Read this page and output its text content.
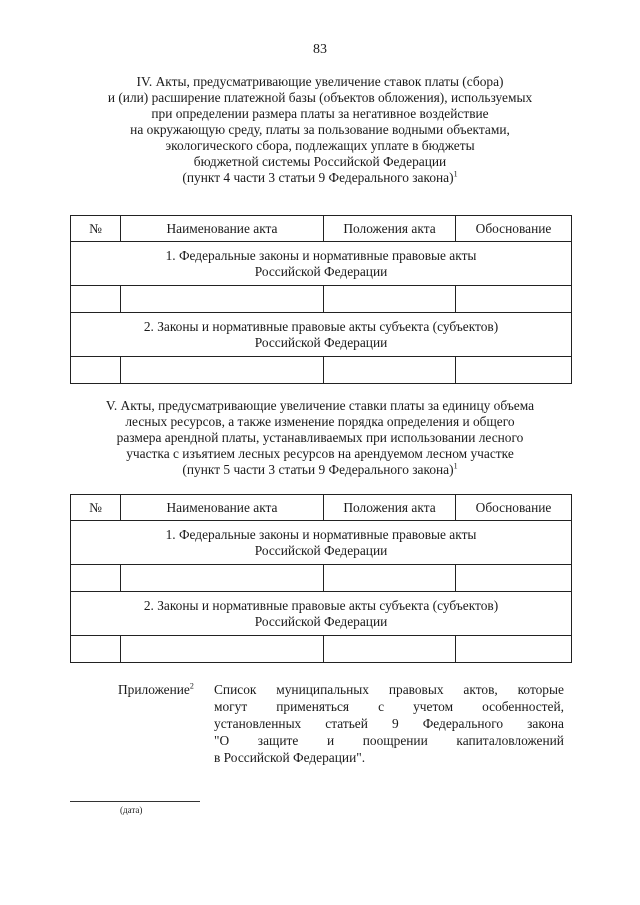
83
IV. Акты, предусматривающие увеличение ставок платы (сбора)
и (или) расширение платежной базы (объектов обложения), используемых
при определении размера платы за негативное воздействие
на окружающую среду, платы за пользование водными объектами,
экологического сбора, подлежащих уплате в бюджеты
бюджетной системы Российской Федерации
(пункт 4 части 3 статьи 9 Федерального закона)$^1$
№	Наименование акта	Положения акта	Обоснование

1. Федеральные законы и нормативные правовые акты
Российской Федерации			

2. Законы и нормативные правовые акты субъекта (субъектов)
Российской Федерации			

V. Акты, предусматривающие увеличение ставки платы за единицу объема
лесных ресурсов, а также изменение порядка определения и общего
размера арендной платы, устанавливаемых при использовании лесного
участка с изъятием лесных ресурсов на арендуемом лесном участке
(пункт 5 части 3 статьи 9 Федерального закона)$^1$
№	Наименование акта	Положения акта	Обоснование

1. Федеральные законы и нормативные правовые акты
Российской Федерации			

2. Законы и нормативные правовые акты субъекта (субъектов)
Российской Федерации			

Приложение$^2$ Список муниципальных правовых актов, которые
могут применяться с учетом особенностей,
установленных статьей 9 Федерального закона
"О защите и поощрении капиталовложений
в Российской Федерации".
(дата)
